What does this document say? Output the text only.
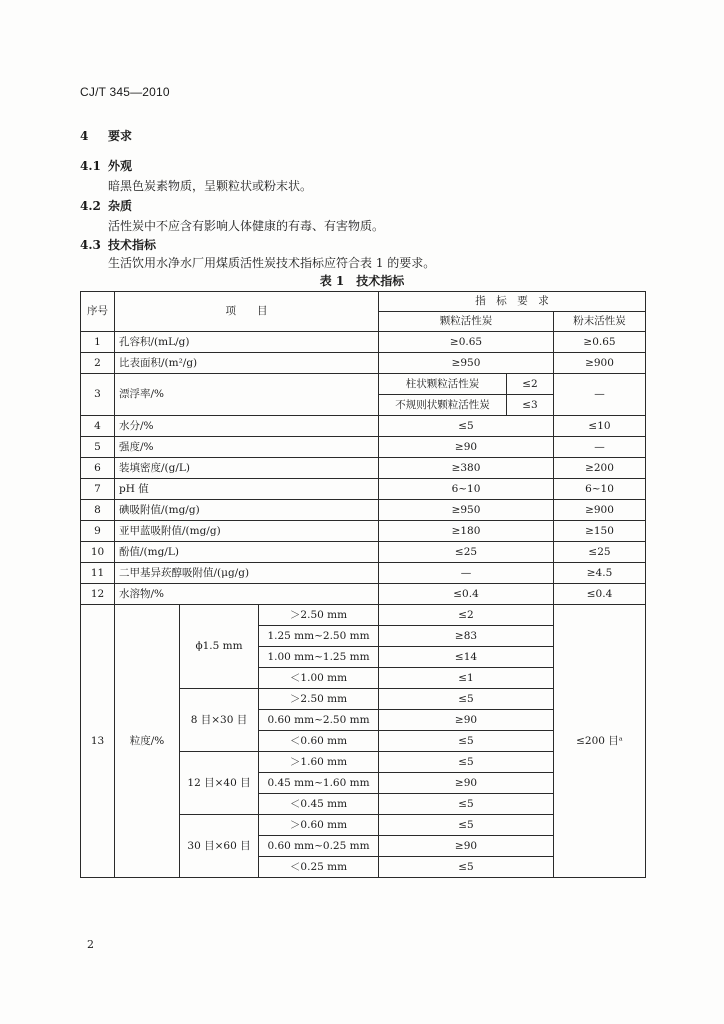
CJ/T 345—2010
4 要求
4.1 外观
暗黑色炭素物质，呈颗粒状或粉末状。
4.2 杂质
活性炭中不应含有影响人体健康的有毒、有害物质。
4.3 技术指标
生活饮用水净水厂用煤质活性炭技术指标应符合表 1 的要求。
表 1　技术指标
序号	项　　目			指　标　要　求		
				颗粒活性炭		粉末活性炭
1	孔容积/(mL/g)			≥0.65		≥0.65
2	比表面积/(m²/g)			≥950		≥900
3	漂浮率/%			柱状颗粒活性炭	≤2	—
				不规则状颗粒活性炭	≤3	
4	水分/%			≤5		≤10
5	强度/%			≥90		—
6	装填密度/(g/L)			≥380		≥200
7	pH 值			6~10		6~10
8	碘吸附值/(mg/g)			≥950		≥900
9	亚甲蓝吸附值/(mg/g)			≥180		≥150
10	酚值/(mg/L)			≤25		≤25
11	二甲基异莰醇吸附值/(μg/g)			—		≥4.5
12	水溶物/%			≤0.4		≤0.4
13	粒度/%	ϕ1.5 mm	＞2.50 mm	≤2		≤200 目ᵃ
			1.25 mm~2.50 mm	≥83		
			1.00 mm~1.25 mm	≤14		
			＜1.00 mm	≤1		
		8 目×30 目	＞2.50 mm	≤5		
			0.60 mm~2.50 mm	≥90		
			＜0.60 mm	≤5		
		12 目×40 目	＞1.60 mm	≤5		
			0.45 mm~1.60 mm	≥90		
			＜0.45 mm	≤5		
		30 目×60 目	＞0.60 mm	≤5		
			0.60 mm~0.25 mm	≥90		
			＜0.25 mm	≤5		
2
